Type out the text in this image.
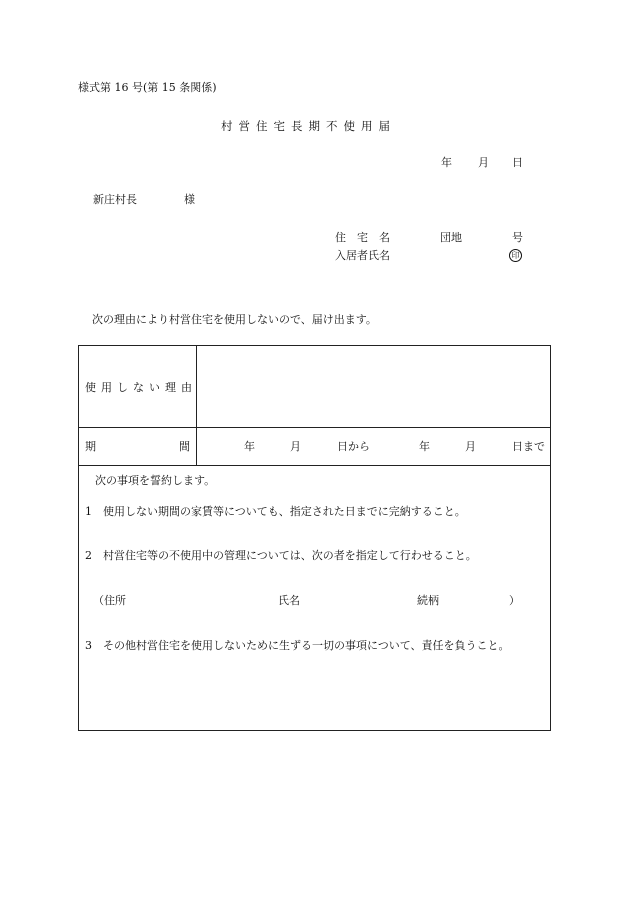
様式第 16 号(第 15 条関係)
村営住宅長期不使用届
年 月 日
新庄村長	様
住　宅　名	団地	号
入居者氏名	印
次の理由により村営住宅を使用しないので、届け出ます。
使用しない理由
期	間	年	月	日から	年	月	日まで
次の事項を誓約します。
1　使用しない期間の家賃等についても、指定された日までに完納すること。
2　村営住宅等の不使用中の管理については、次の者を指定して行わせること。
（住所	氏名	続柄	）
3　その他村営住宅を使用しないために生ずる一切の事項について、責任を負うこと。
